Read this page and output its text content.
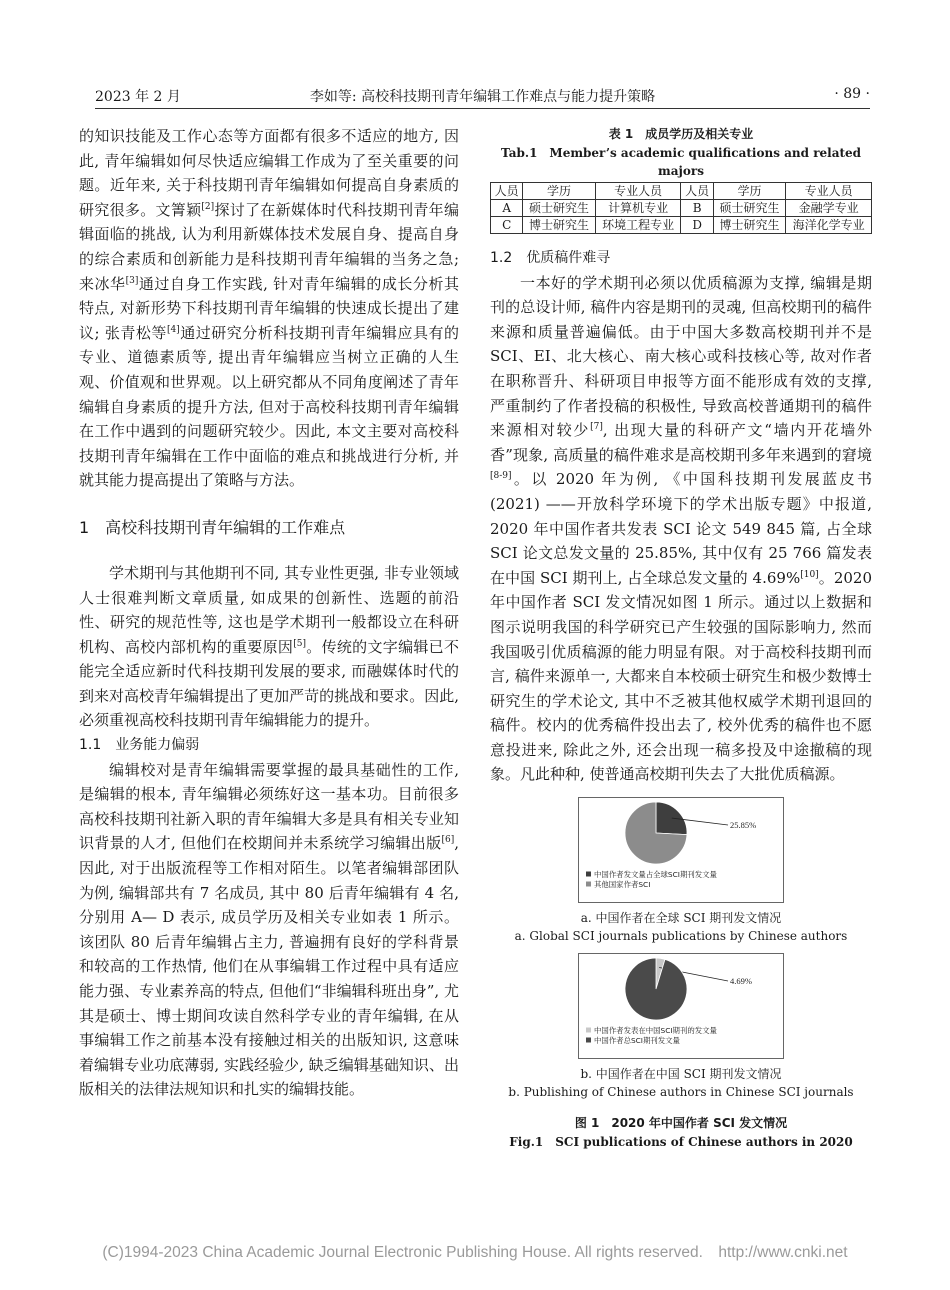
2023 年 2 月	李如等: 高校科技期刊青年编辑工作难点与能力提升策略	· 89 ·

的知识技能及工作心态等方面都有很多不适应的地方, 因此, 青年编辑如何尽快适应编辑工作成为了至关重要的问题。近年来, 关于科技期刊青年编辑如何提高自身素质的研究很多。文箐颖[2]探讨了在新媒体时代科技期刊青年编辑面临的挑战, 认为利用新媒体技术发展自身、提高自身的综合素质和创新能力是科技期刊青年编辑的当务之急; 来冰华[3]通过自身工作实践, 针对青年编辑的成长分析其特点, 对新形势下科技期刊青年编辑的快速成长提出了建议; 张青松等[4]通过研究分析科技期刊青年编辑应具有的专业、道德素质等, 提出青年编辑应当树立正确的人生观、价值观和世界观。以上研究都从不同角度阐述了青年编辑自身素质的提升方法, 但对于高校科技期刊青年编辑在工作中遇到的问题研究较少。因此, 本文主要对高校科技期刊青年编辑在工作中面临的难点和挑战进行分析, 并就其能力提高提出了策略与方法。

1　高校科技期刊青年编辑的工作难点

学术期刊与其他期刊不同, 其专业性更强, 非专业领域人士很难判断文章质量, 如成果的创新性、选题的前沿性、研究的规范性等, 这也是学术期刊一般都设立在科研机构、高校内部机构的重要原因[5]。传统的文字编辑已不能完全适应新时代科技期刊发展的要求, 而融媒体时代的到来对高校青年编辑提出了更加严苛的挑战和要求。因此, 必须重视高校科技期刊青年编辑能力的提升。

1.1　业务能力偏弱

编辑校对是青年编辑需要掌握的最具基础性的工作, 是编辑的根本, 青年编辑必须练好这一基本功。目前很多高校科技期刊社新入职的青年编辑大多是具有相关专业知识背景的人才, 但他们在校期间并未系统学习编辑出版[6], 因此, 对于出版流程等工作相对陌生。以笔者编辑部团队为例, 编辑部共有 7 名成员, 其中 80 后青年编辑有 4 名, 分别用 A— D 表示, 成员学历及相关专业如表 1 所示。该团队 80 后青年编辑占主力, 普遍拥有良好的学科背景和较高的工作热情, 他们在从事编辑工作过程中具有适应能力强、专业素养高的特点, 但他们“非编辑科班出身”, 尤其是硕士、博士期间攻读自然科学专业的青年编辑, 在从事编辑工作之前基本没有接触过相关的出版知识, 这意味着编辑专业功底薄弱, 实践经验少, 缺乏编辑基础知识、出版相关的法律法规知识和扎实的编辑技能。

表 1　成员学历及相关专业
Tab.1　Member’s academic qualifications and related majors
人员	学历	专业人员	人员	学历	专业人员
A	硕士研究生	计算机专业	B	硕士研究生	金融学专业
C	博士研究生	环境工程专业	D	博士研究生	海洋化学专业
1.2　优质稿件难寻

一本好的学术期刊必须以优质稿源为支撑, 编辑是期刊的总设计师, 稿件内容是期刊的灵魂, 但高校期刊的稿件来源和质量普遍偏低。由于中国大多数高校期刊并不是 SCI、EI、北大核心、南大核心或科技核心等, 故对作者在职称晋升、科研项目申报等方面不能形成有效的支撑, 严重制约了作者投稿的积极性, 导致高校普通期刊的稿件来源相对较少[7], 出现大量的科研产文“墙内开花墙外香”现象, 高质量的稿件难求是高校期刊多年来遇到的窘境[8-9]。以 2020 年为例, 《中国科技期刊发展蓝皮书 (2021) ——开放科学环境下的学术出版专题》中报道, 2020 年中国作者共发表 SCI 论文 549 845 篇, 占全球 SCI 论文总发文量的 25.85%, 其中仅有 25 766 篇发表在中国 SCI 期刊上, 占全球总发文量的 4.69%[10]。2020 年中国作者 SCI 发文情况如图 1 所示。通过以上数据和图示说明我国的科学研究已产生较强的国际影响力, 然而我国吸引优质稿源的能力明显有限。对于高校科技期刊而言, 稿件来源单一, 大都来自本校硕士研究生和极少数博士研究生的学术论文, 其中不乏被其他权威学术期刊退回的稿件。校内的优秀稿件投出去了, 校外优秀的稿件也不愿意投进来, 除此之外, 还会出现一稿多投及中途撤稿的现象。凡此种种, 使普通高校期刊失去了大批优质稿源。

25.85%
中国作者发文量占全球SCI期刊发文量
其他国家作者SCI
a. 中国作者在全球 SCI 期刊发文情况
a. Global SCI journals publications by Chinese authors
4.69%
中国作者发表在中国SCI期刊的发文量
中国作者总SCI期刊发文量
b. 中国作者在中国 SCI 期刊发文情况
b. Publishing of Chinese authors in Chinese SCI journals
图 1　2020 年中国作者 SCI 发文情况
Fig.1　SCI publications of Chinese authors in 2020
(C)1994-2023 China Academic Journal Electronic Publishing House. All rights reserved.　http://www.cnki.net
